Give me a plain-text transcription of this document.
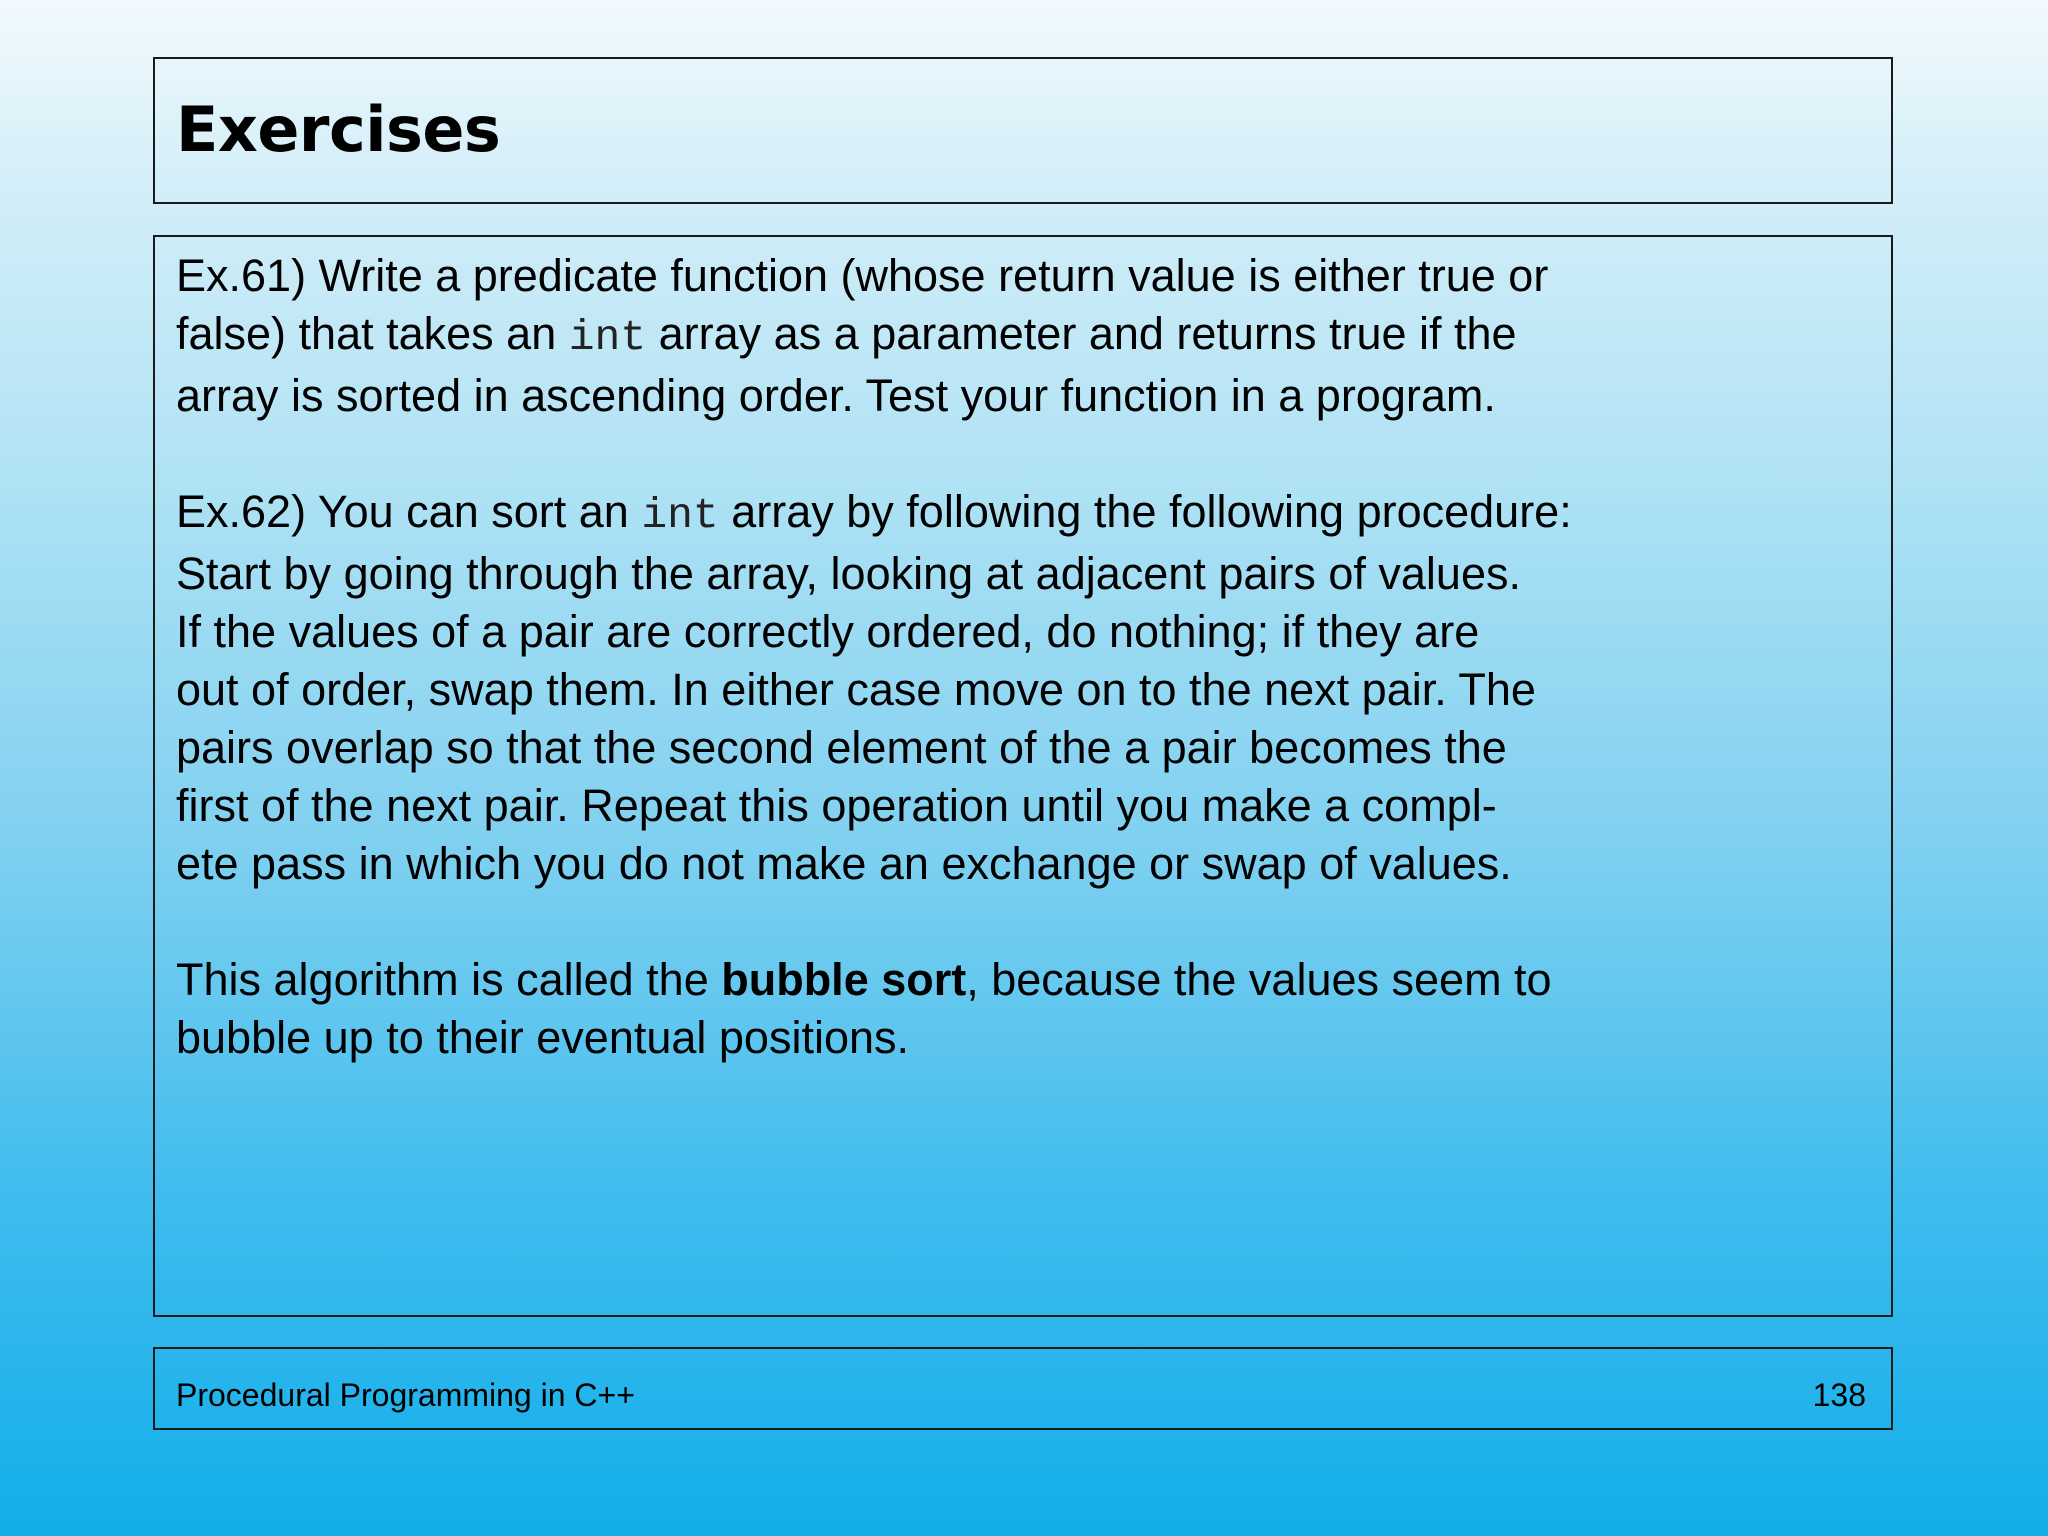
Exercises

Ex.61) Write a predicate function (whose return value is either true or

false) that takes an int array as a parameter and returns true if the

array is sorted in ascending order. Test your function in a program.

Ex.62) You can sort an int array by following the following procedure:

Start by going through the array, looking at adjacent pairs of values.

If the values of a pair are correctly ordered, do nothing; if they are

out of order, swap them. In either case move on to the next pair. The

pairs overlap so that the second element of the a pair becomes the

first of the next pair. Repeat this operation until you make a compl-

ete pass in which you do not make an exchange or swap of values.

This algorithm is called the bubble sort, because the values seem to

bubble up to their eventual positions.

Procedural Programming in C++	138
